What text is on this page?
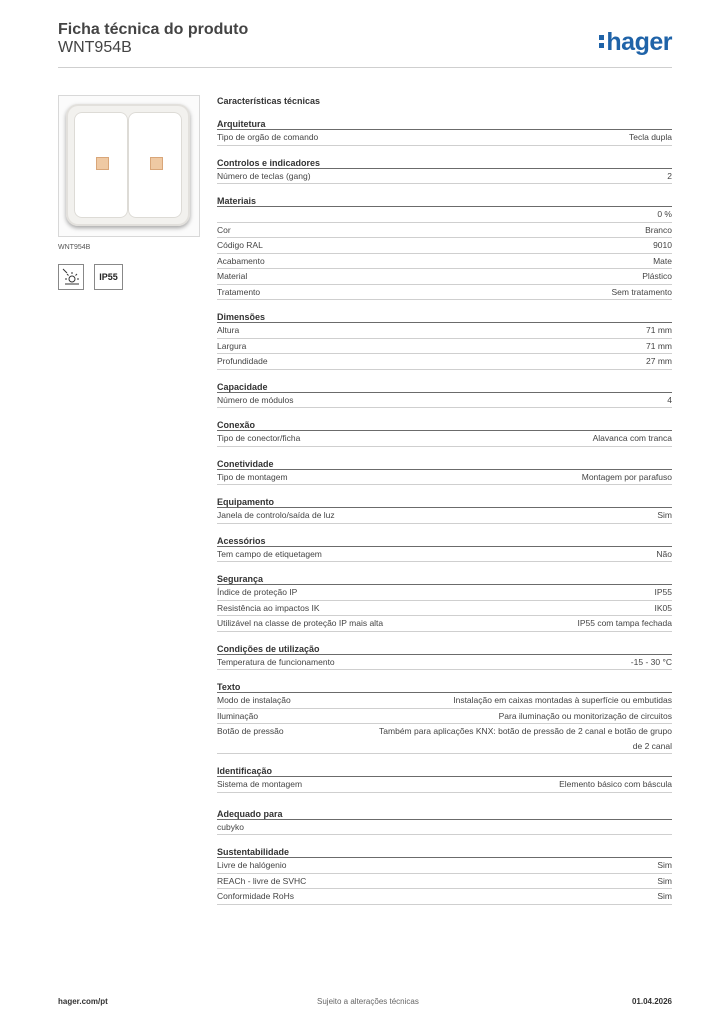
Ficha técnica do produto
WNT954B	hager
WNT954B
IP55
Características técnicas
Arquitetura
Tipo de orgão de comando	Tecla dupla
Controlos e indicadores
Número de teclas (gang)	2
Materiais
0 %
Cor	Branco
Código RAL	9010
Acabamento	Mate
Material	Plástico
Tratamento	Sem tratamento
Dimensões
Altura	71 mm
Largura	71 mm
Profundidade	27 mm
Capacidade
Número de módulos	4
Conexão
Tipo de conector/ficha	Alavanca com tranca
Conetividade
Tipo de montagem	Montagem por parafuso
Equipamento
Janela de controlo/saída de luz	Sim
Acessórios
Tem campo de etiquetagem	Não
Segurança
Índice de proteção IP	IP55
Resistência ao impactos IK	IK05
Utilizável na classe de proteção IP mais alta	IP55 com tampa fechada
Condições de utilização
Temperatura de funcionamento	-15 - 30 °C
Texto
Modo de instalação	Instalação em caixas montadas à superfície ou embutidas
Iluminação	Para iluminação ou monitorização de circuitos
Botão de pressão	Também para aplicações KNX: botão de pressão de 2 canal e botão de grupo de 2 canal
Identificação
Sistema de montagem	Elemento básico com báscula
Adequado para
cubyko
Sustentabilidade
Livre de halógenio	Sim
REACh - livre de SVHC	Sim
Conformidade RoHs	Sim
hager.com/pt	Sujeito a alterações técnicas	01.04.2026
